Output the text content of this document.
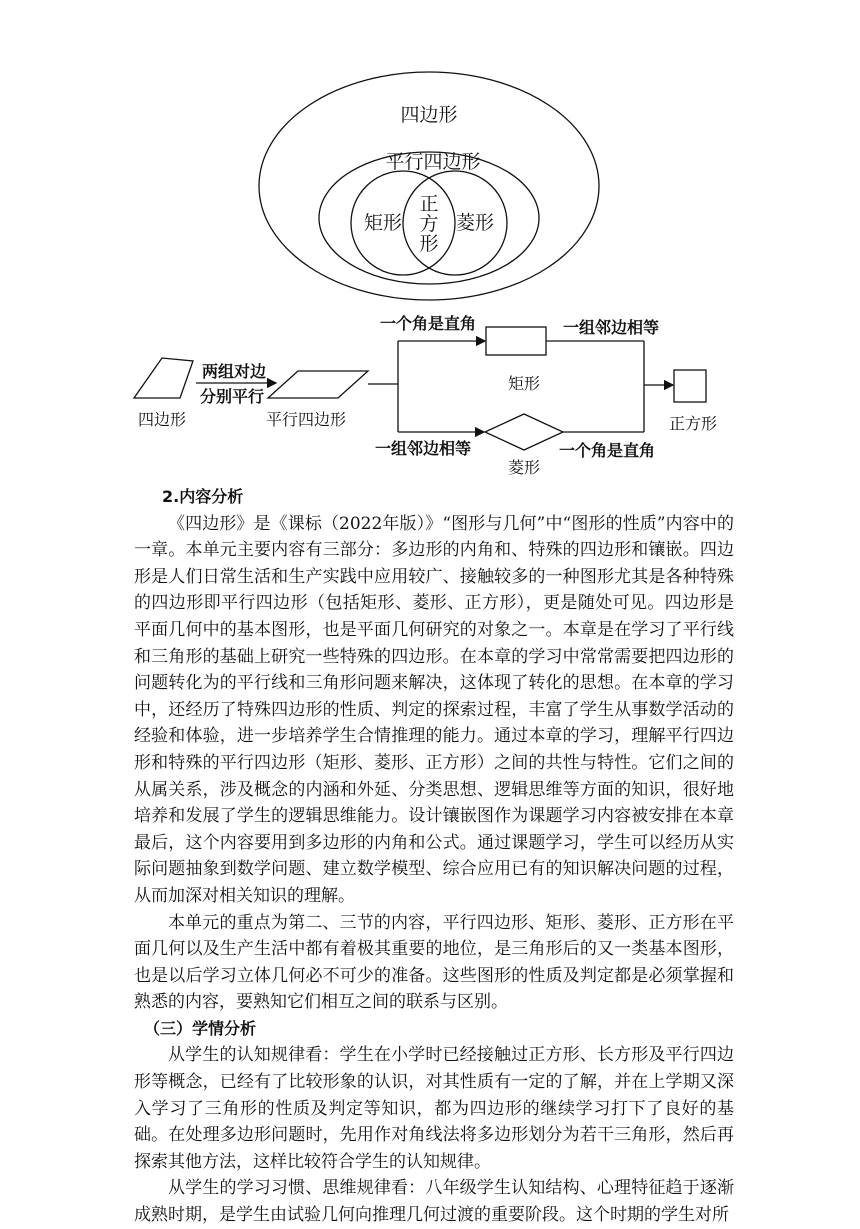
四边形
平行四边形
矩形	菱形
正
方
形
四边形
两组对边
分别平行
平行四边形
一个角是直角	一组邻边相等
矩形
一组邻边相等
菱形
一个角是直角
正方形

2.内容分析

《四边形》是《课标（2022年版）》“图形与几何”中“图形的性质”内容中的一章。本单元主要内容有三部分：多边形的内角和、特殊的四边形和镶嵌。四边形是人们日常生活和生产实践中应用较广、接触较多的一种图形尤其是各种特殊的四边形即平行四边形（包括矩形、菱形、正方形），更是随处可见。四边形是平面几何中的基本图形，也是平面几何研究的对象之一。本章是在学习了平行线和三角形的基础上研究一些特殊的四边形。在本章的学习中常常需要把四边形的问题转化为的平行线和三角形问题来解决，这体现了转化的思想。在本章的学习中，还经历了特殊四边形的性质、判定的探索过程，丰富了学生从事数学活动的经验和体验，进一步培养学生合情推理的能力。通过本章的学习，理解平行四边形和特殊的平行四边形（矩形、菱形、正方形）之间的共性与特性。它们之间的从属关系，涉及概念的内涵和外延、分类思想、逻辑思维等方面的知识，很好地培养和发展了学生的逻辑思维能力。设计镶嵌图作为课题学习内容被安排在本章最后，这个内容要用到多边形的内角和公式。通过课题学习，学生可以经历从实际问题抽象到数学问题、建立数学模型、综合应用已有的知识解决问题的过程，从而加深对相关知识的理解。

本单元的重点为第二、三节的内容，平行四边形、矩形、菱形、正方形在平面几何以及生产生活中都有着极其重要的地位，是三角形后的又一类基本图形，也是以后学习立体几何必不可少的准备。这些图形的性质及判定都是必须掌握和熟悉的内容，要熟知它们相互之间的联系与区别。

（三）学情分析

从学生的认知规律看：学生在小学时已经接触过正方形、长方形及平行四边形等概念，已经有了比较形象的认识，对其性质有一定的了解，并在上学期又深入学习了三角形的性质及判定等知识，都为四边形的继续学习打下了良好的基础。在处理多边形问题时，先用作对角线法将多边形划分为若干三角形，然后再探索其他方法，这样比较符合学生的认知规律。

从学生的学习习惯、思维规律看：八年级学生认知结构、心理特征趋于逐渐成熟时期，是学生由试验几何向推理几何过渡的重要阶段。这个时期的学生对所
